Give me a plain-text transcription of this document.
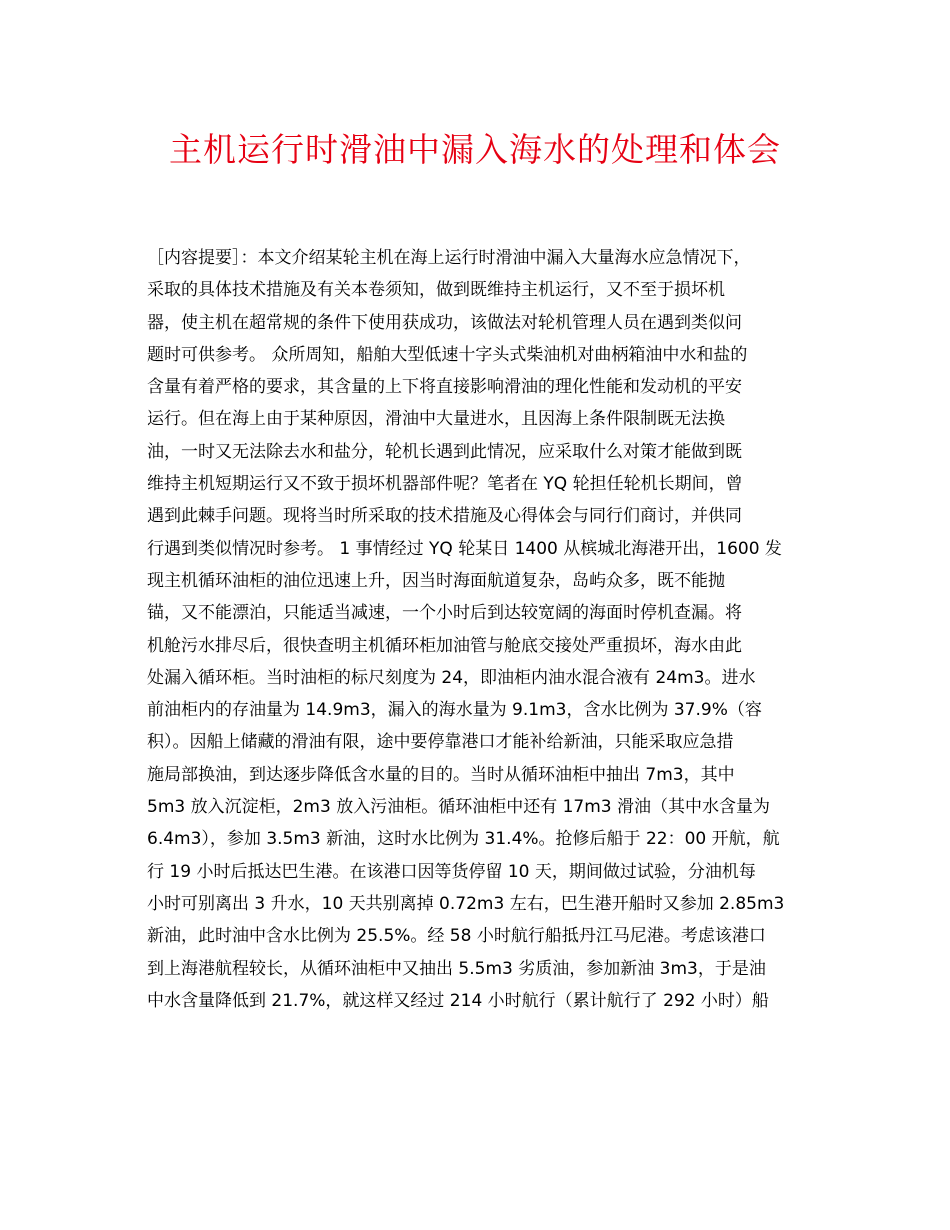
主机运行时滑油中漏入海水的处理和体会
［内容提要］：本文介绍某轮主机在海上运行时滑油中漏入大量海水应急情况下，
采取的具体技术措施及有关本卷须知，做到既维持主机运行，又不至于损坏机
器，使主机在超常规的条件下使用获成功，该做法对轮机管理人员在遇到类似问
题时可供参考。 众所周知，船舶大型低速十字头式柴油机对曲柄箱油中水和盐的
含量有着严格的要求，其含量的上下将直接影响滑油的理化性能和发动机的平安
运行。但在海上由于某种原因，滑油中大量进水，且因海上条件限制既无法换
油，一时又无法除去水和盐分，轮机长遇到此情况，应采取什么对策才能做到既
维持主机短期运行又不致于损坏机器部件呢？笔者在 YQ 轮担任轮机长期间，曾
遇到此棘手问题。现将当时所采取的技术措施及心得体会与同行们商讨，并供同
行遇到类似情况时参考。 1 事情经过 YQ 轮某日 1400 从槟城北海港开出，1600 发
现主机循环油柜的油位迅速上升，因当时海面航道复杂，岛屿众多，既不能抛
锚，又不能漂泊，只能适当减速，一个小时后到达较宽阔的海面时停机查漏。将
机舱污水排尽后，很快查明主机循环柜加油管与舱底交接处严重损坏，海水由此
处漏入循环柜。当时油柜的标尺刻度为 24，即油柜内油水混合液有 24m3。进水
前油柜内的存油量为 14.9m3，漏入的海水量为 9.1m3，含水比例为 37.9%（容
积）。因船上储藏的滑油有限，途中要停靠港口才能补给新油，只能采取应急措
施局部换油，到达逐步降低含水量的目的。当时从循环油柜中抽出 7m3，其中
5m3 放入沉淀柜，2m3 放入污油柜。循环油柜中还有 17m3 滑油（其中水含量为
6.4m3），参加 3.5m3 新油，这时水比例为 31.4%。抢修后船于 22：00 开航，航
行 19 小时后抵达巴生港。在该港口因等货停留 10 天，期间做过试验，分油机每
小时可别离出 3 升水，10 天共别离掉 0.72m3 左右，巴生港开船时又参加 2.85m3
新油，此时油中含水比例为 25.5%。经 58 小时航行船抵丹江马尼港。考虑该港口
到上海港航程较长，从循环油柜中又抽出 5.5m3 劣质油，参加新油 3m3，于是油
中水含量降低到 21.7%，就这样又经过 214 小时航行（累计航行了 292 小时）船
